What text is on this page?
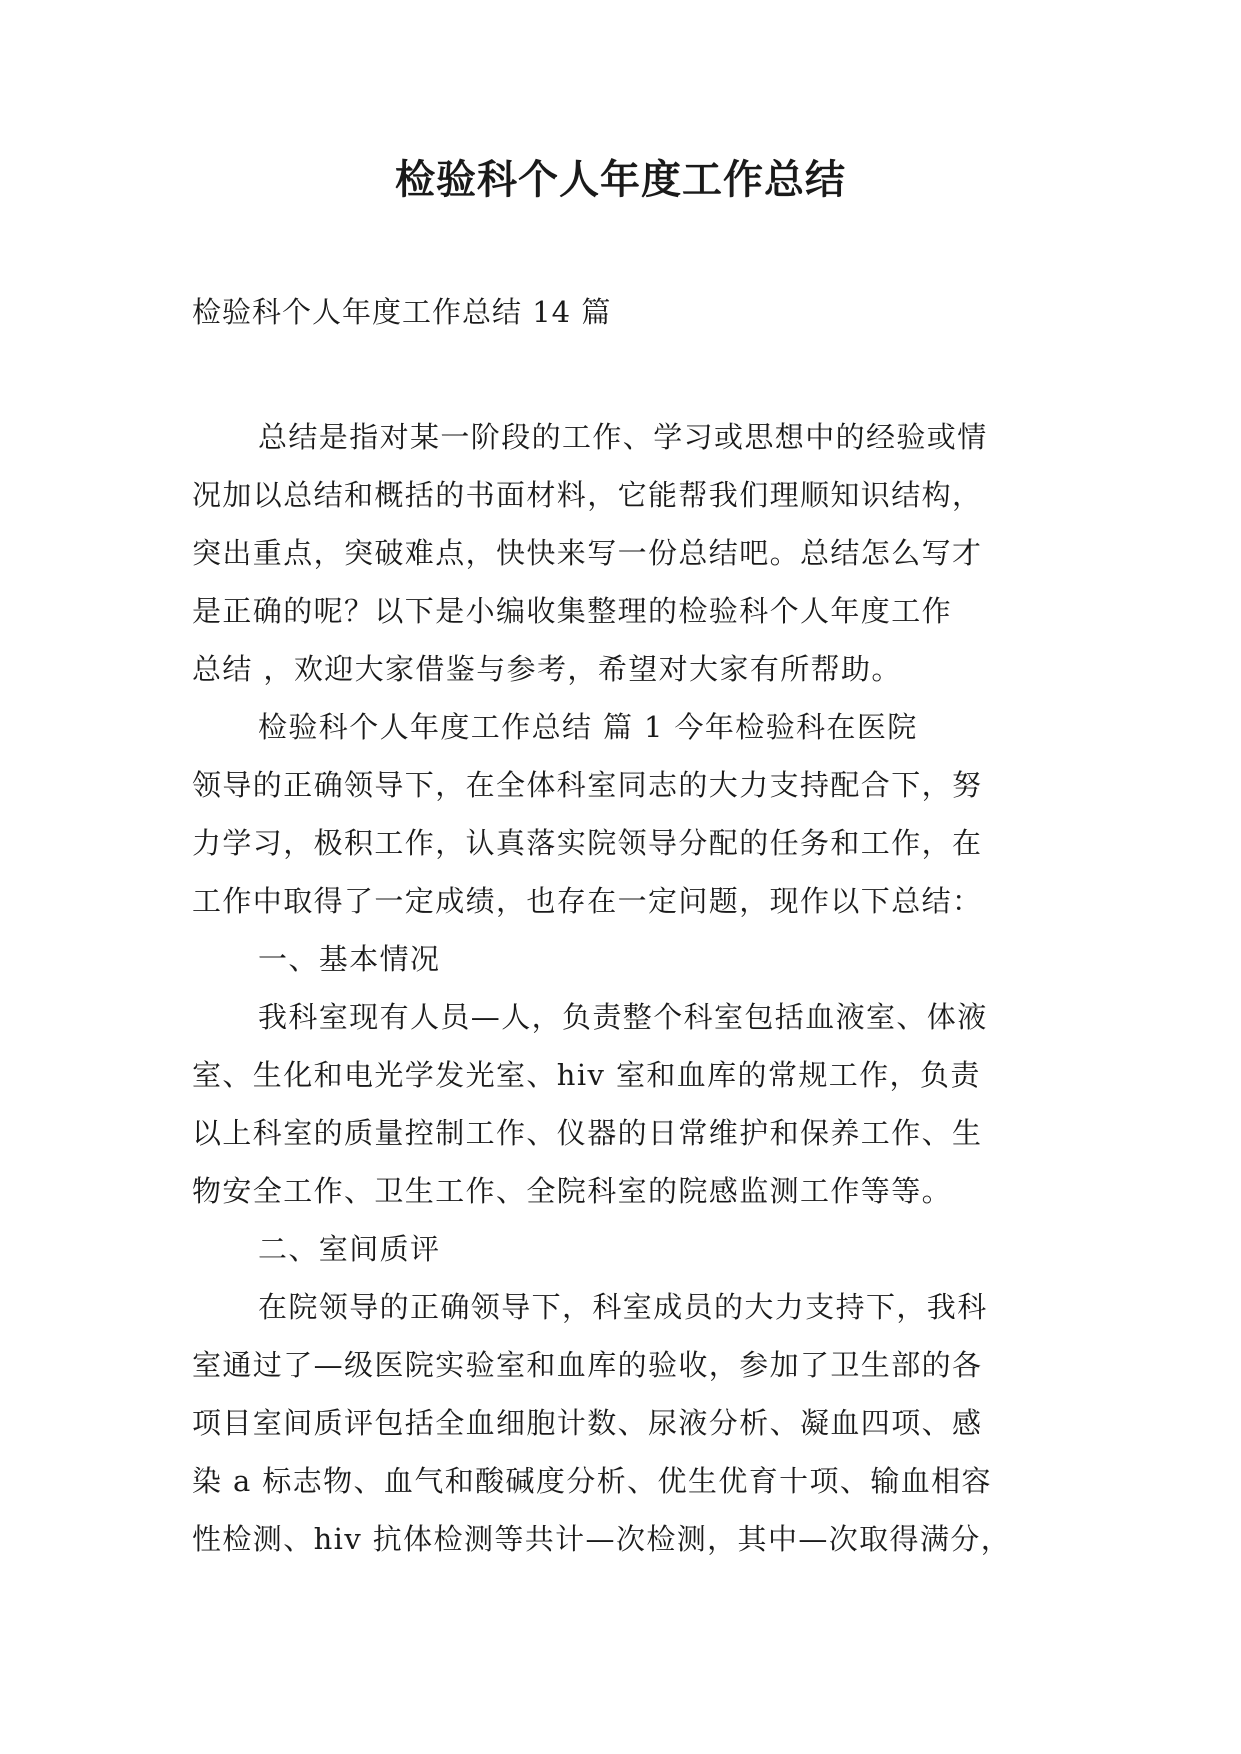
检验科个人年度工作总结

检验科个人年度工作总结 14 篇

总结是指对某一阶段的工作、学习或思想中的经验或情
况加以总结和概括的书面材料，它能帮我们理顺知识结构，
突出重点，突破难点，快快来写一份总结吧。总结怎么写才
是正确的呢？以下是小编收集整理的检验科个人年度工作
总结 ，欢迎大家借鉴与参考，希望对大家有所帮助。
检验科个人年度工作总结 篇 1 今年检验科在医院
领导的正确领导下，在全体科室同志的大力支持配合下，努
力学习，极积工作，认真落实院领导分配的任务和工作，在
工作中取得了一定成绩，也存在一定问题，现作以下总结：
一、基本情况
我科室现有人员—人，负责整个科室包括血液室、体液
室、生化和电光学发光室、hiv 室和血库的常规工作，负责
以上科室的质量控制工作、仪器的日常维护和保养工作、生
物安全工作、卫生工作、全院科室的院感监测工作等等。
二、室间质评
在院领导的正确领导下，科室成员的大力支持下，我科
室通过了—级医院实验室和血库的验收，参加了卫生部的各
项目室间质评包括全血细胞计数、尿液分析、凝血四项、感
染 a 标志物、血气和酸碱度分析、优生优育十项、输血相容
性检测、hiv 抗体检测等共计—次检测，其中—次取得满分，
